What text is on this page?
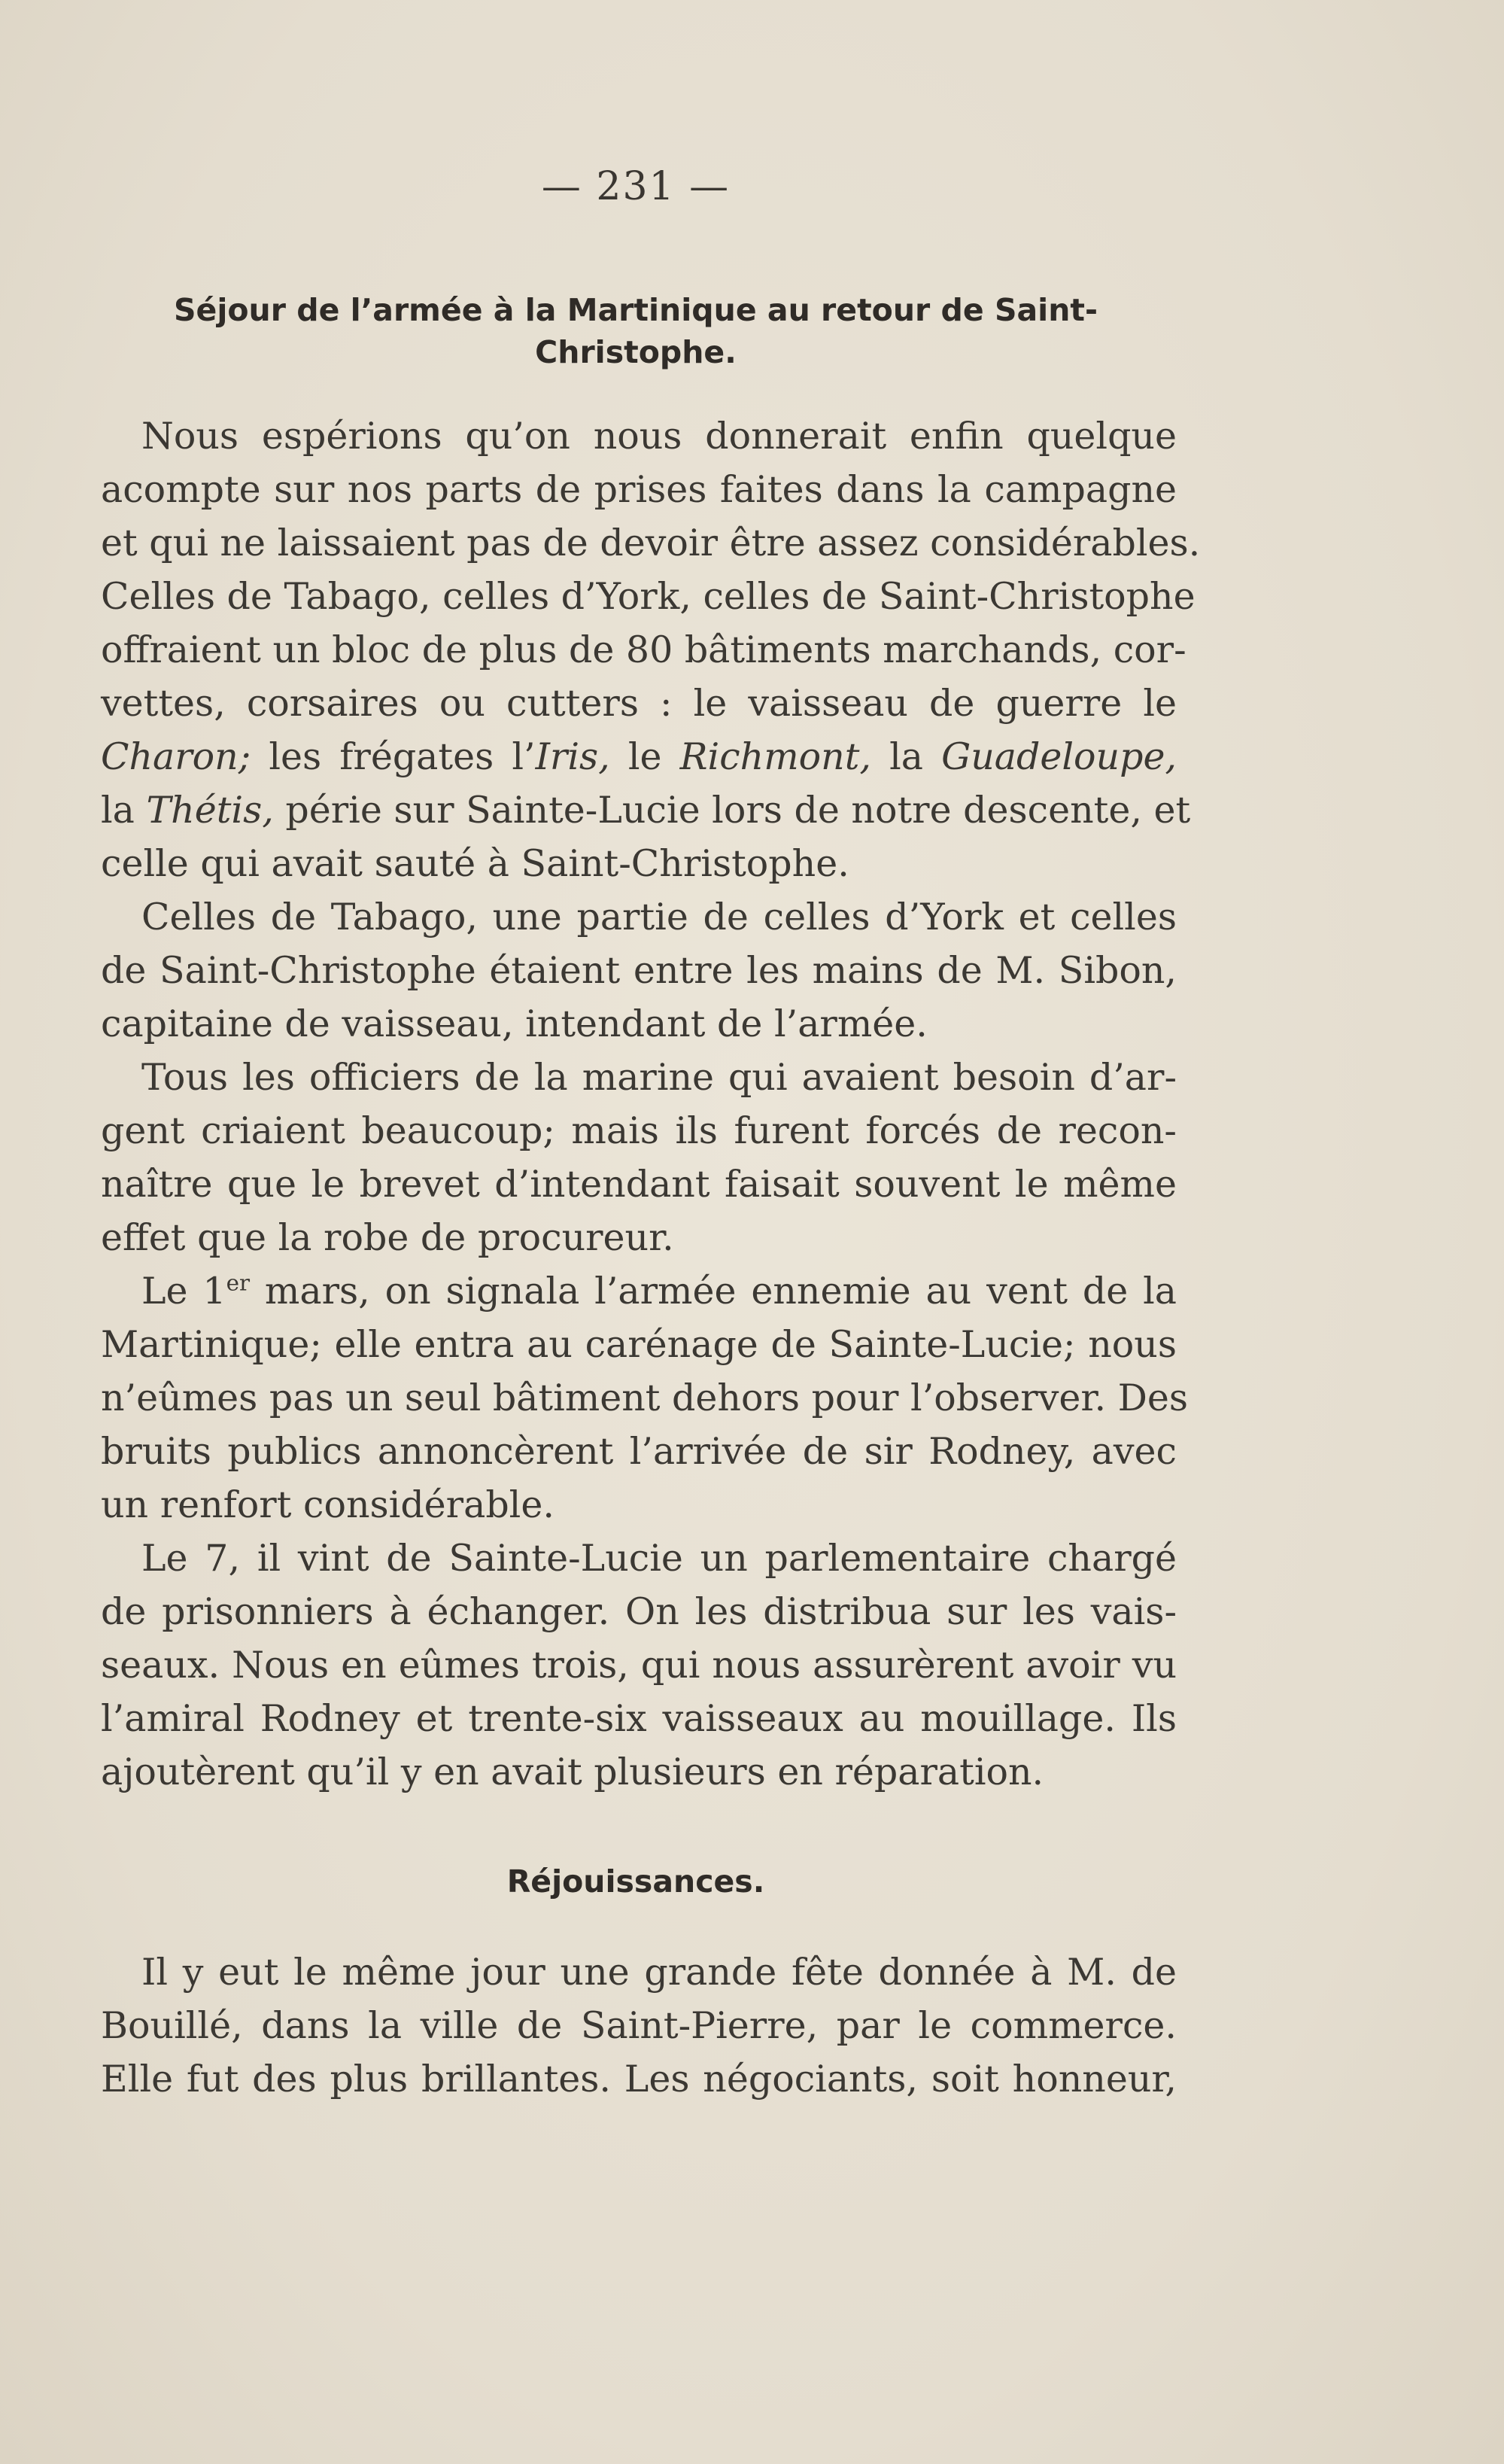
— 231 —
Séjour de l’armée à la Martinique au retour de Saint-
Christophe.
Nous espérions qu’on nous donnerait enfin quelque
acompte sur nos parts de prises faites dans la campagne
et qui ne laissaient pas de devoir être assez considérables.
Celles de Tabago, celles d’York, celles de Saint-Christophe
offraient un bloc de plus de 80 bâtiments marchands, cor-
vettes, corsaires ou cutters : le vaisseau de guerre le
Charon; les frégates l’Iris, le Richmont, la Guadeloupe,
la Thétis, périe sur Sainte-Lucie lors de notre descente, et
celle qui avait sauté à Saint-Christophe.
Celles de Tabago, une partie de celles d’York et celles
de Saint-Christophe étaient entre les mains de M. Sibon,
capitaine de vaisseau, intendant de l’armée.
Tous les officiers de la marine qui avaient besoin d’ar-
gent criaient beaucoup; mais ils furent forcés de recon-
naître que le brevet d’intendant faisait souvent le même
effet que la robe de procureur.
Le 1er mars, on signala l’armée ennemie au vent de la
Martinique; elle entra au carénage de Sainte-Lucie; nous
n’eûmes pas un seul bâtiment dehors pour l’observer. Des
bruits publics annoncèrent l’arrivée de sir Rodney, avec
un renfort considérable.
Le 7, il vint de Sainte-Lucie un parlementaire chargé
de prisonniers à échanger. On les distribua sur les vais-
seaux. Nous en eûmes trois, qui nous assurèrent avoir vu
l’amiral Rodney et trente-six vaisseaux au mouillage. Ils
ajoutèrent qu’il y en avait plusieurs en réparation.
Réjouissances.
Il y eut le même jour une grande fête donnée à M. de
Bouillé, dans la ville de Saint-Pierre, par le commerce.
Elle fut des plus brillantes. Les négociants, soit honneur,
